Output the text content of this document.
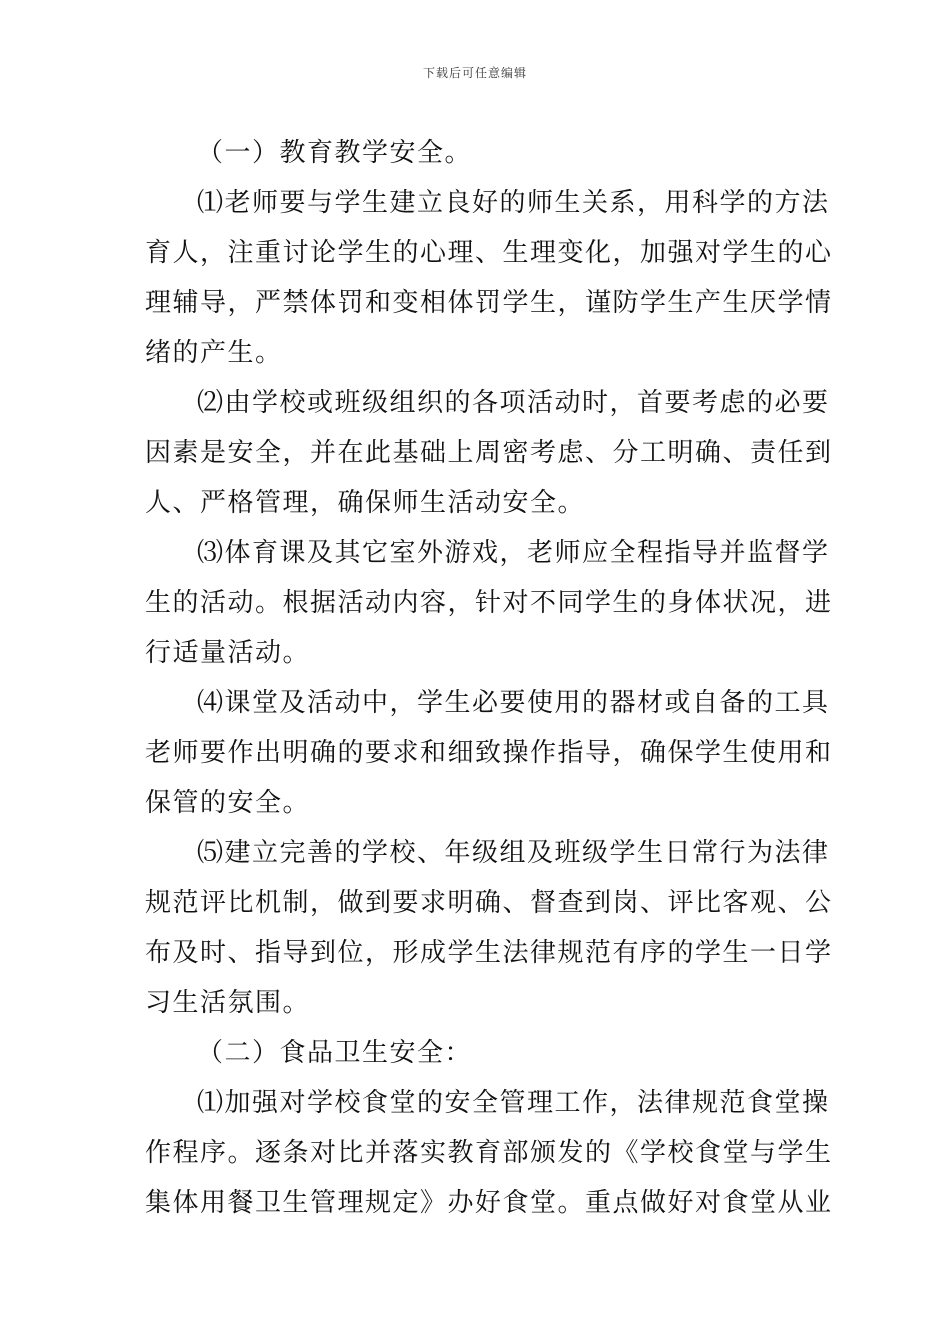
下载后可任意编辑
（一）教育教学安全。
⑴老师要与学生建立良好的师生关系，用科学的方法
育人，注重讨论学生的心理、生理变化，加强对学生的心
理辅导，严禁体罚和变相体罚学生，谨防学生产生厌学情
绪的产生。
⑵由学校或班级组织的各项活动时，首要考虑的必要
因素是安全，并在此基础上周密考虑、分工明确、责任到
人、严格管理，确保师生活动安全。
⑶体育课及其它室外游戏，老师应全程指导并监督学
生的活动。根据活动内容，针对不同学生的身体状况，进
行适量活动。
⑷课堂及活动中，学生必要使用的器材或自备的工具
老师要作出明确的要求和细致操作指导，确保学生使用和
保管的安全。
⑸建立完善的学校、年级组及班级学生日常行为法律
规范评比机制，做到要求明确、督查到岗、评比客观、公
布及时、指导到位，形成学生法律规范有序的学生一日学
习生活氛围。
（二）食品卫生安全：
⑴加强对学校食堂的安全管理工作，法律规范食堂操
作程序。逐条对比并落实教育部颁发的《学校食堂与学生
集体用餐卫生管理规定》办好食堂。重点做好对食堂从业
